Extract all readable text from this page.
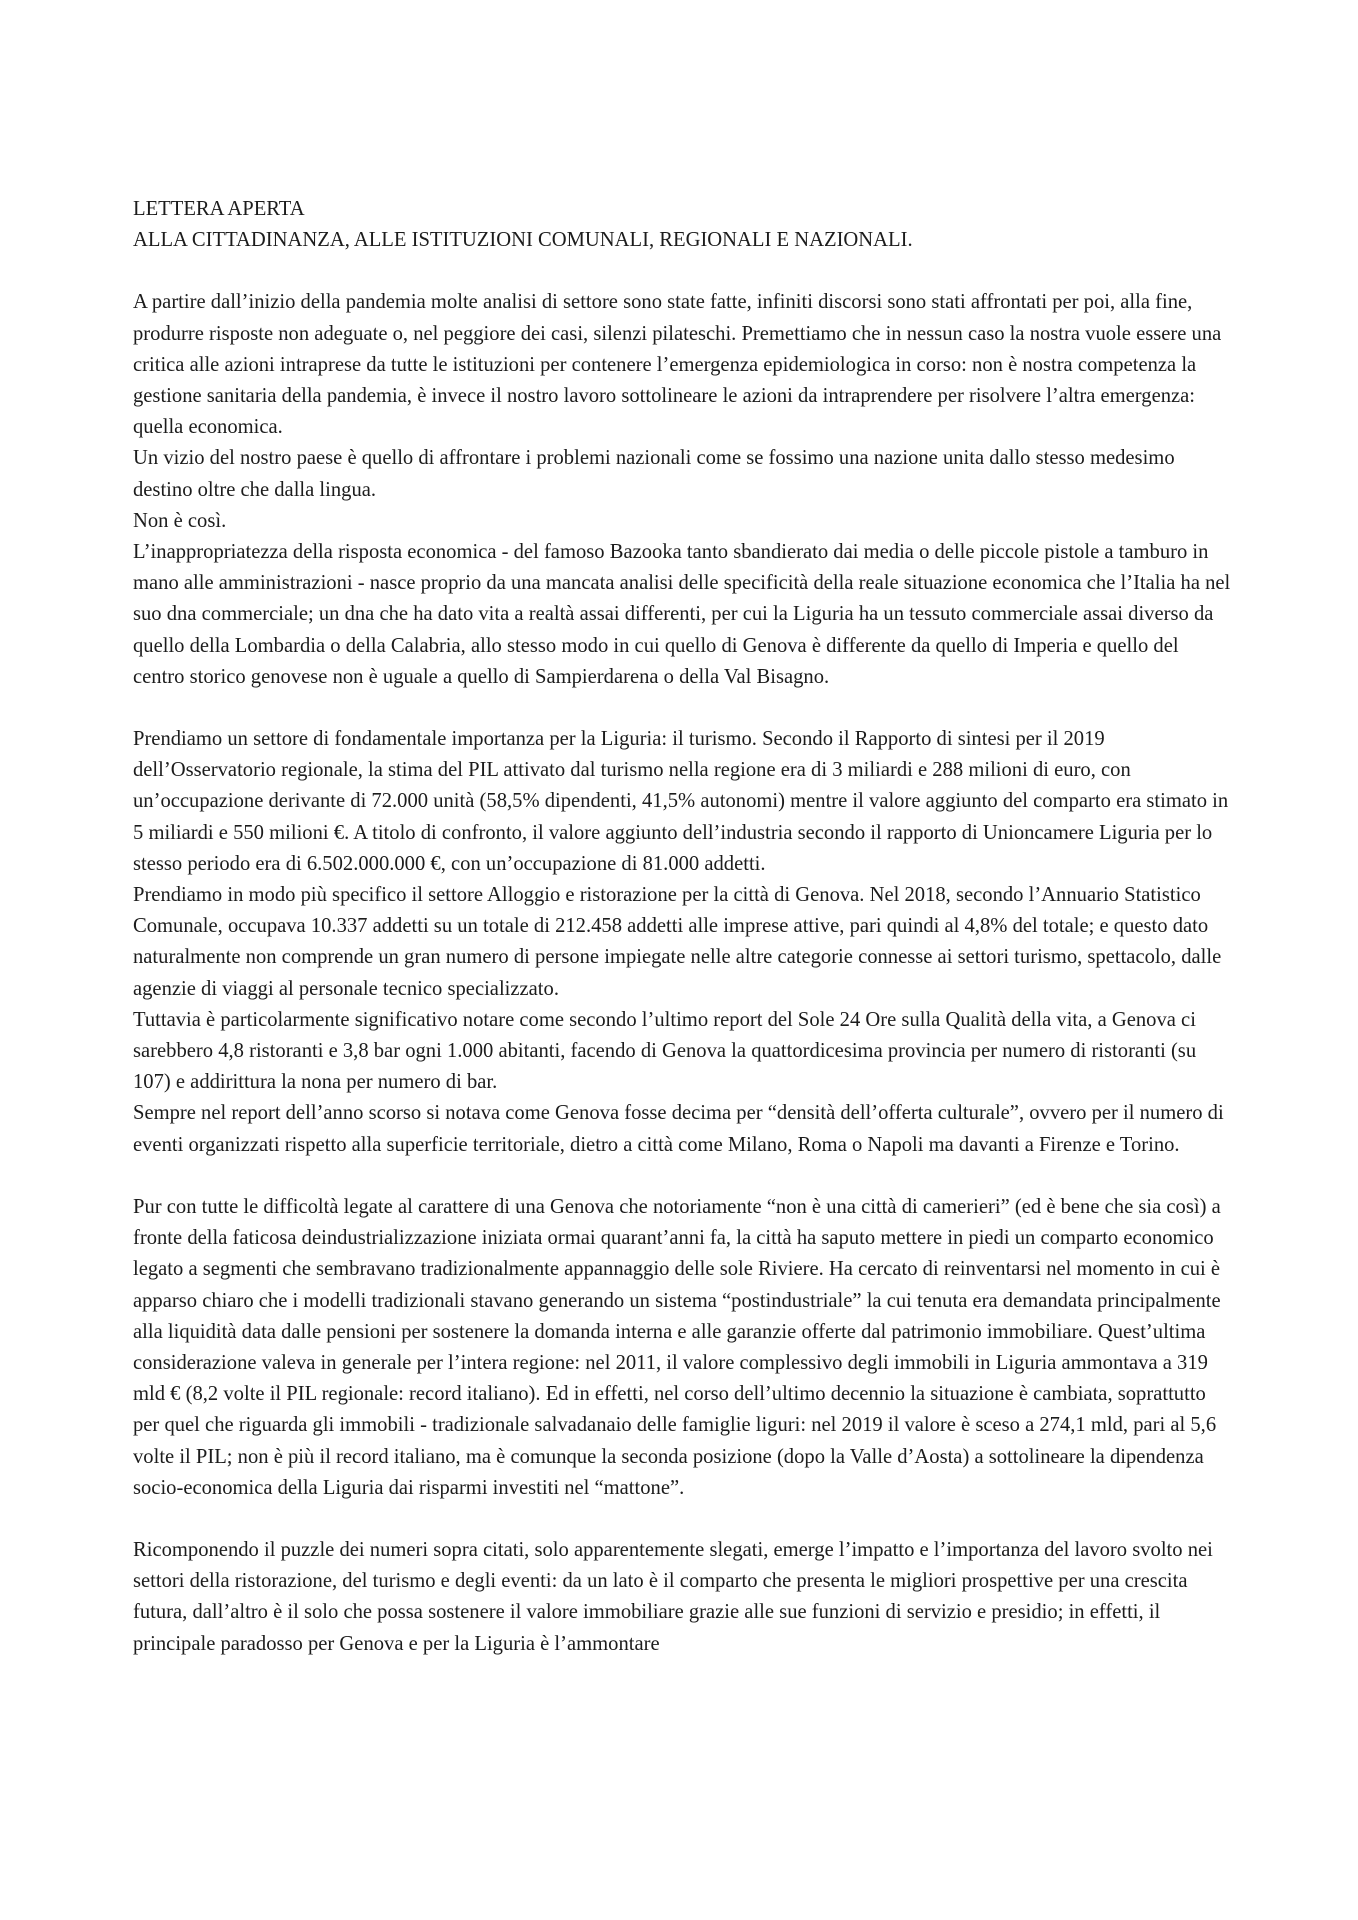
LETTERA APERTA
ALLA CITTADINANZA, ALLE ISTITUZIONI COMUNALI, REGIONALI E NAZIONALI.

A partire dall’inizio della pandemia molte analisi di settore sono state fatte, infiniti discorsi sono stati affrontati per poi, alla fine, produrre risposte non adeguate o, nel peggiore dei casi, silenzi pilateschi. Premettiamo che in nessun caso la nostra vuole essere una critica alle azioni intraprese da tutte le istituzioni per contenere l’emergenza epidemiologica in corso: non è nostra competenza la gestione sanitaria della pandemia, è invece il nostro lavoro sottolineare le azioni da intraprendere per risolvere l’altra emergenza: quella economica.

Un vizio del nostro paese è quello di affrontare i problemi nazionali come se fossimo una nazione unita dallo stesso medesimo destino oltre che dalla lingua.

Non è così.

L’inappropriatezza della risposta economica - del famoso Bazooka tanto sbandierato dai media o delle piccole pistole a tamburo in mano alle amministrazioni - nasce proprio da una mancata analisi delle specificità della reale situazione economica che l’Italia ha nel suo dna commerciale; un dna che ha dato vita a realtà assai differenti, per cui la Liguria ha un tessuto commerciale assai diverso da quello della Lombardia o della Calabria, allo stesso modo in cui quello di Genova è differente da quello di Imperia e quello del centro storico genovese non è uguale a quello di Sampierdarena o della Val Bisagno.

Prendiamo un settore di fondamentale importanza per la Liguria: il turismo. Secondo il Rapporto di sintesi per il 2019 dell’Osservatorio regionale, la stima del PIL attivato dal turismo nella regione era di 3 miliardi e 288 milioni di euro, con un’occupazione derivante di 72.000 unità (58,5% dipendenti, 41,5% autonomi) mentre il valore aggiunto del comparto era stimato in 5 miliardi e 550 milioni €. A titolo di confronto, il valore aggiunto dell’industria secondo il rapporto di Unioncamere Liguria per lo stesso periodo era di 6.502.000.000 €, con un’occupazione di 81.000 addetti.

Prendiamo in modo più specifico il settore Alloggio e ristorazione per la città di Genova. Nel 2018, secondo l’Annuario Statistico Comunale, occupava 10.337 addetti su un totale di 212.458 addetti alle imprese attive, pari quindi al 4,8% del totale; e questo dato naturalmente non comprende un gran numero di persone impiegate nelle altre categorie connesse ai settori turismo, spettacolo, dalle agenzie di viaggi al personale tecnico specializzato.

Tuttavia è particolarmente significativo notare come secondo l’ultimo report del Sole 24 Ore sulla Qualità della vita, a Genova ci sarebbero 4,8 ristoranti e 3,8 bar ogni 1.000 abitanti, facendo di Genova la quattordicesima provincia per numero di ristoranti (su 107) e addirittura la nona per numero di bar.

Sempre nel report dell’anno scorso si notava come Genova fosse decima per “densità dell’offerta culturale”, ovvero per il numero di eventi organizzati rispetto alla superficie territoriale, dietro a città come Milano, Roma o Napoli ma davanti a Firenze e Torino.

Pur con tutte le difficoltà legate al carattere di una Genova che notoriamente “non è una città di camerieri” (ed è bene che sia così) a fronte della faticosa deindustrializzazione iniziata ormai quarant’anni fa, la città ha saputo mettere in piedi un comparto economico legato a segmenti che sembravano tradizionalmente appannaggio delle sole Riviere. Ha cercato di reinventarsi nel momento in cui è apparso chiaro che i modelli tradizionali stavano generando un sistema “postindustriale” la cui tenuta era demandata principalmente alla liquidità data dalle pensioni per sostenere la domanda interna e alle garanzie offerte dal patrimonio immobiliare. Quest’ultima considerazione valeva in generale per l’intera regione: nel 2011, il valore complessivo degli immobili in Liguria ammontava a 319 mld € (8,2 volte il PIL regionale: record italiano). Ed in effetti, nel corso dell’ultimo decennio la situazione è cambiata, soprattutto per quel che riguarda gli immobili - tradizionale salvadanaio delle famiglie liguri: nel 2019 il valore è sceso a 274,1 mld, pari al 5,6 volte il PIL; non è più il record italiano, ma è comunque la seconda posizione (dopo la Valle d’Aosta) a sottolineare la dipendenza socio-economica della Liguria dai risparmi investiti nel “mattone”.

Ricomponendo il puzzle dei numeri sopra citati, solo apparentemente slegati, emerge l’impatto e l’importanza del lavoro svolto nei settori della ristorazione, del turismo e degli eventi: da un lato è il comparto che presenta le migliori prospettive per una crescita futura, dall’altro è il solo che possa sostenere il valore immobiliare grazie alle sue funzioni di servizio e presidio; in effetti, il principale paradosso per Genova e per la Liguria è l’ammontare
